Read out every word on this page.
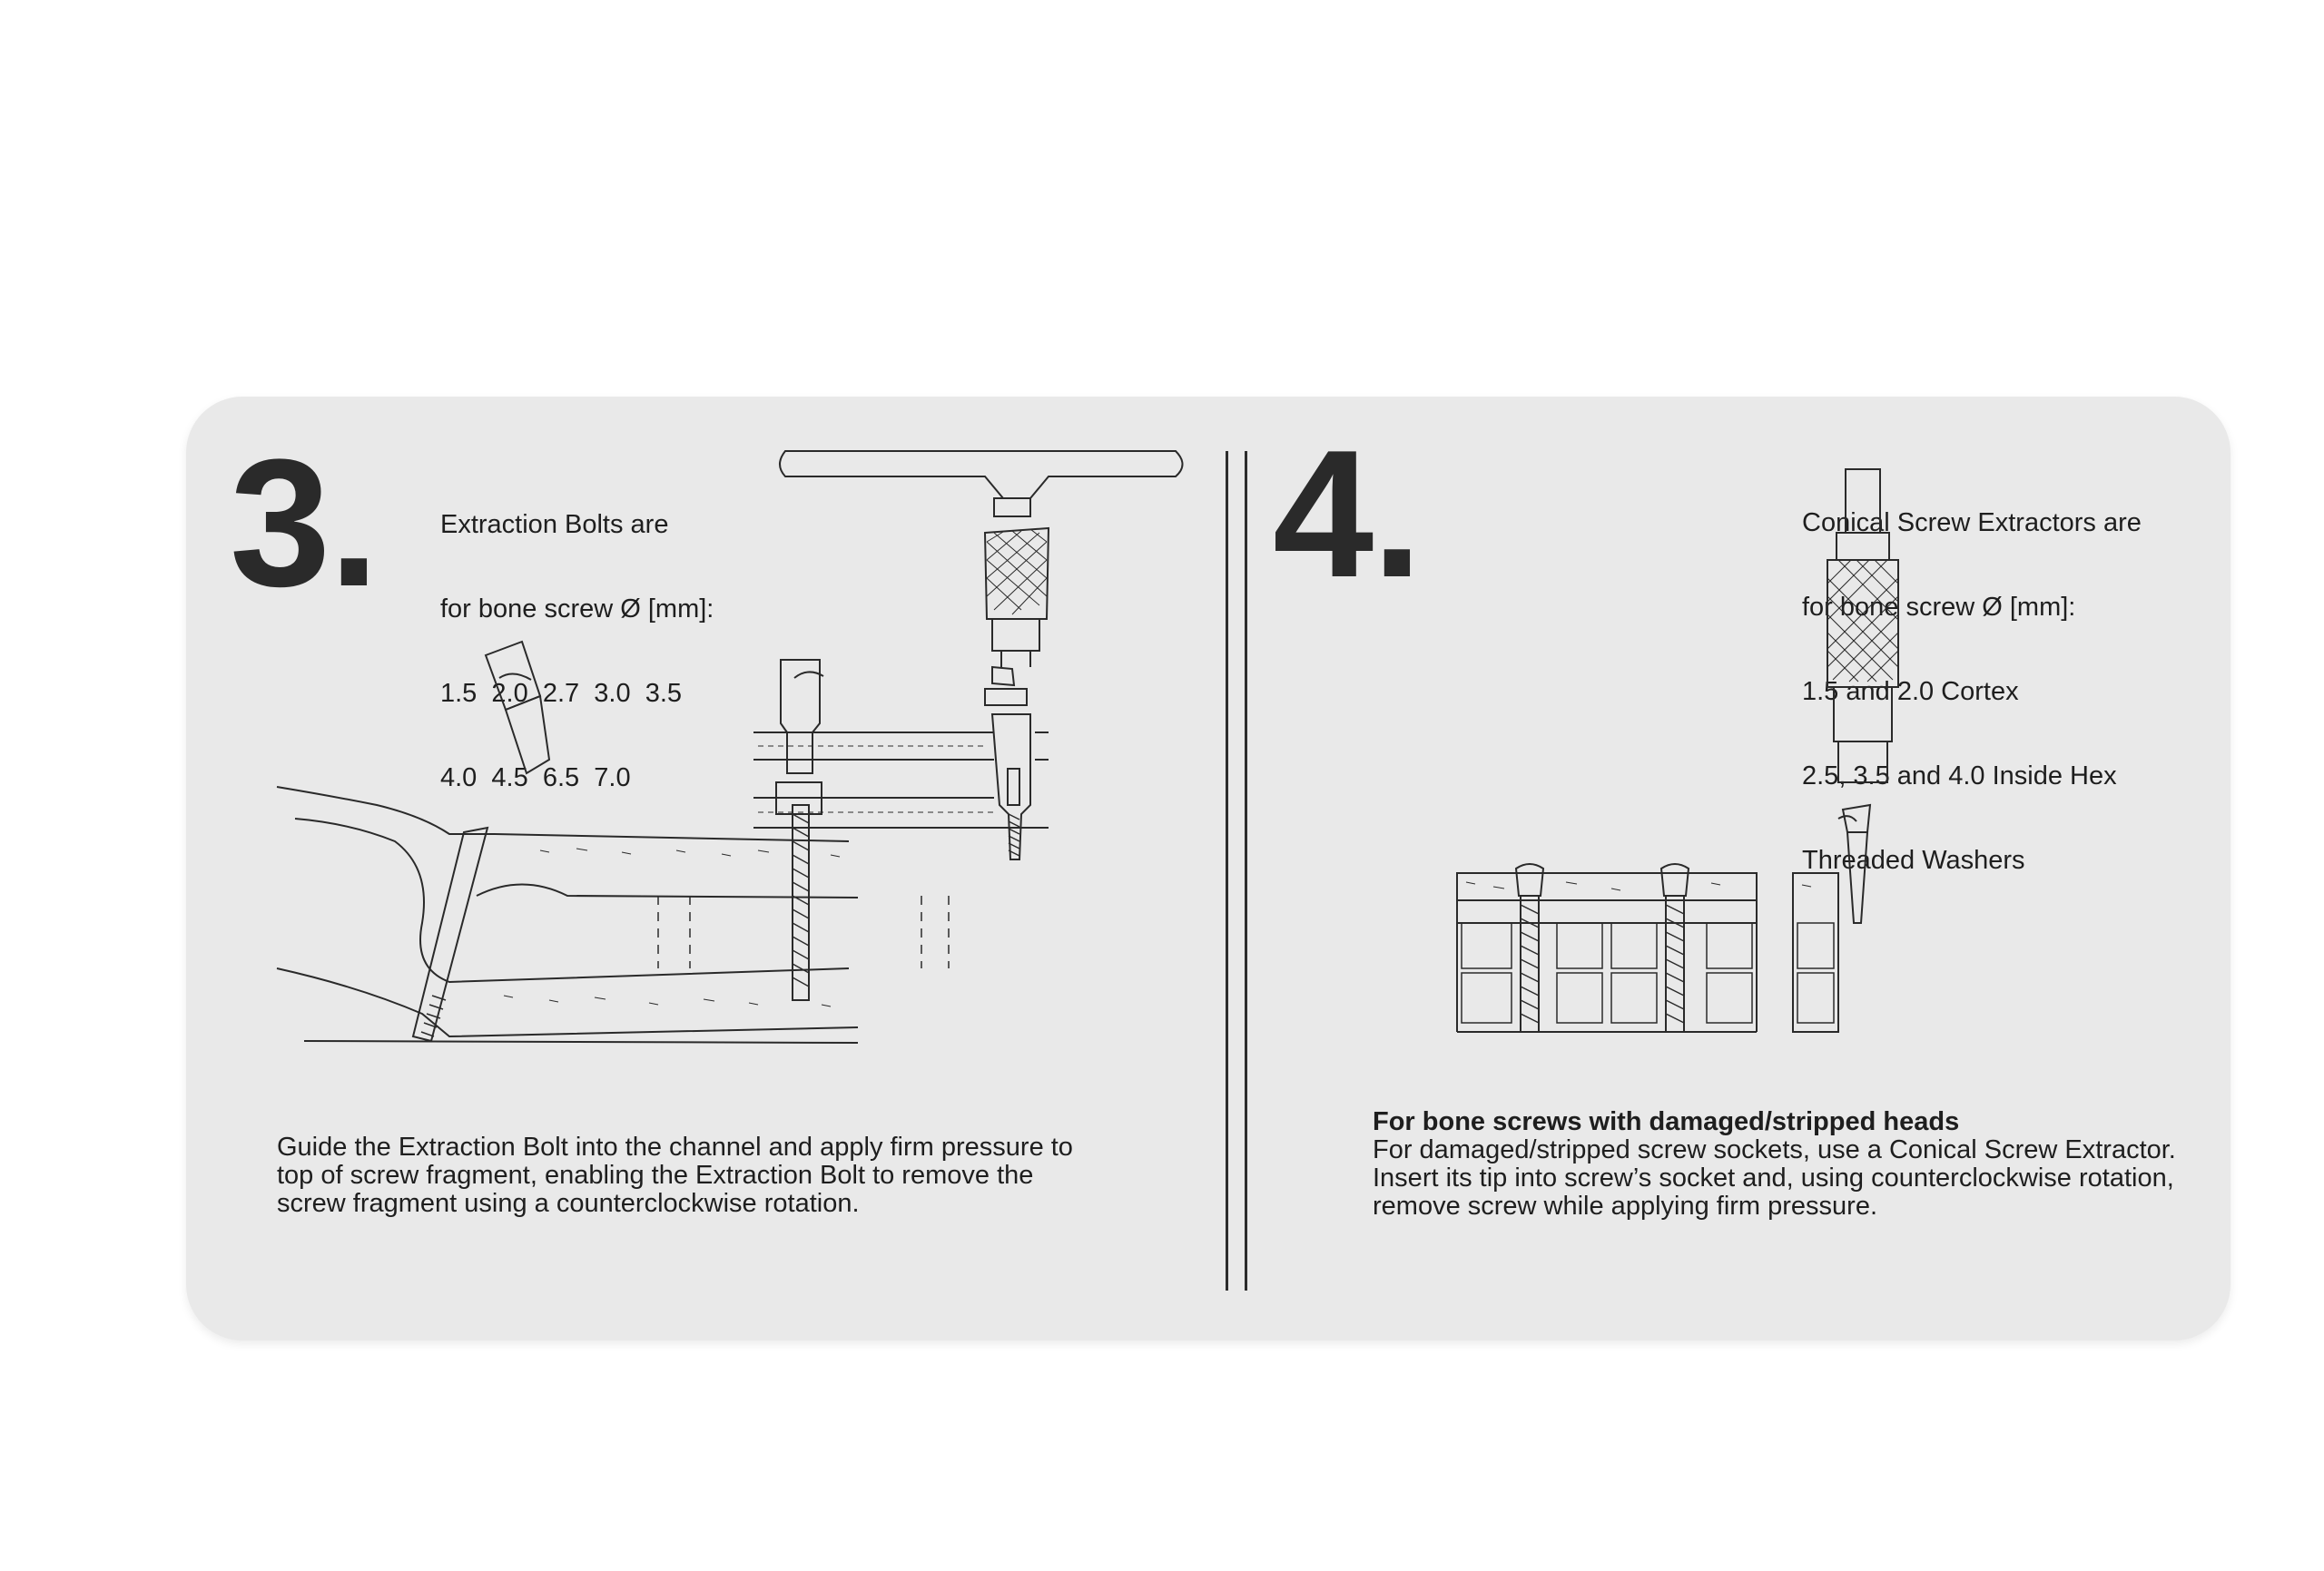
3.

Extraction Bolts are

for bone screw Ø [mm]:

1.5  2.0  2.7  3.0  3.5

4.0  4.5  6.5  7.0

Guide the Extraction Bolt into the channel and apply firm pressure to top of screw fragment, enabling the Extraction Bolt to remove the screw fragment using a counterclockwise rotation.
4.

	Conical Screw Extractors are

for bone screw Ø [mm]:

1.5 and 2.0 Cortex

2.5, 3.5 and 4.0 Inside Hex

Threaded Washers

For bone screws with damaged/stripped heads
For damaged/stripped screw sockets, use a Conical Screw Extractor. Insert its tip into screw’s socket and, using counterclockwise rotation, remove screw while applying firm pressure.
